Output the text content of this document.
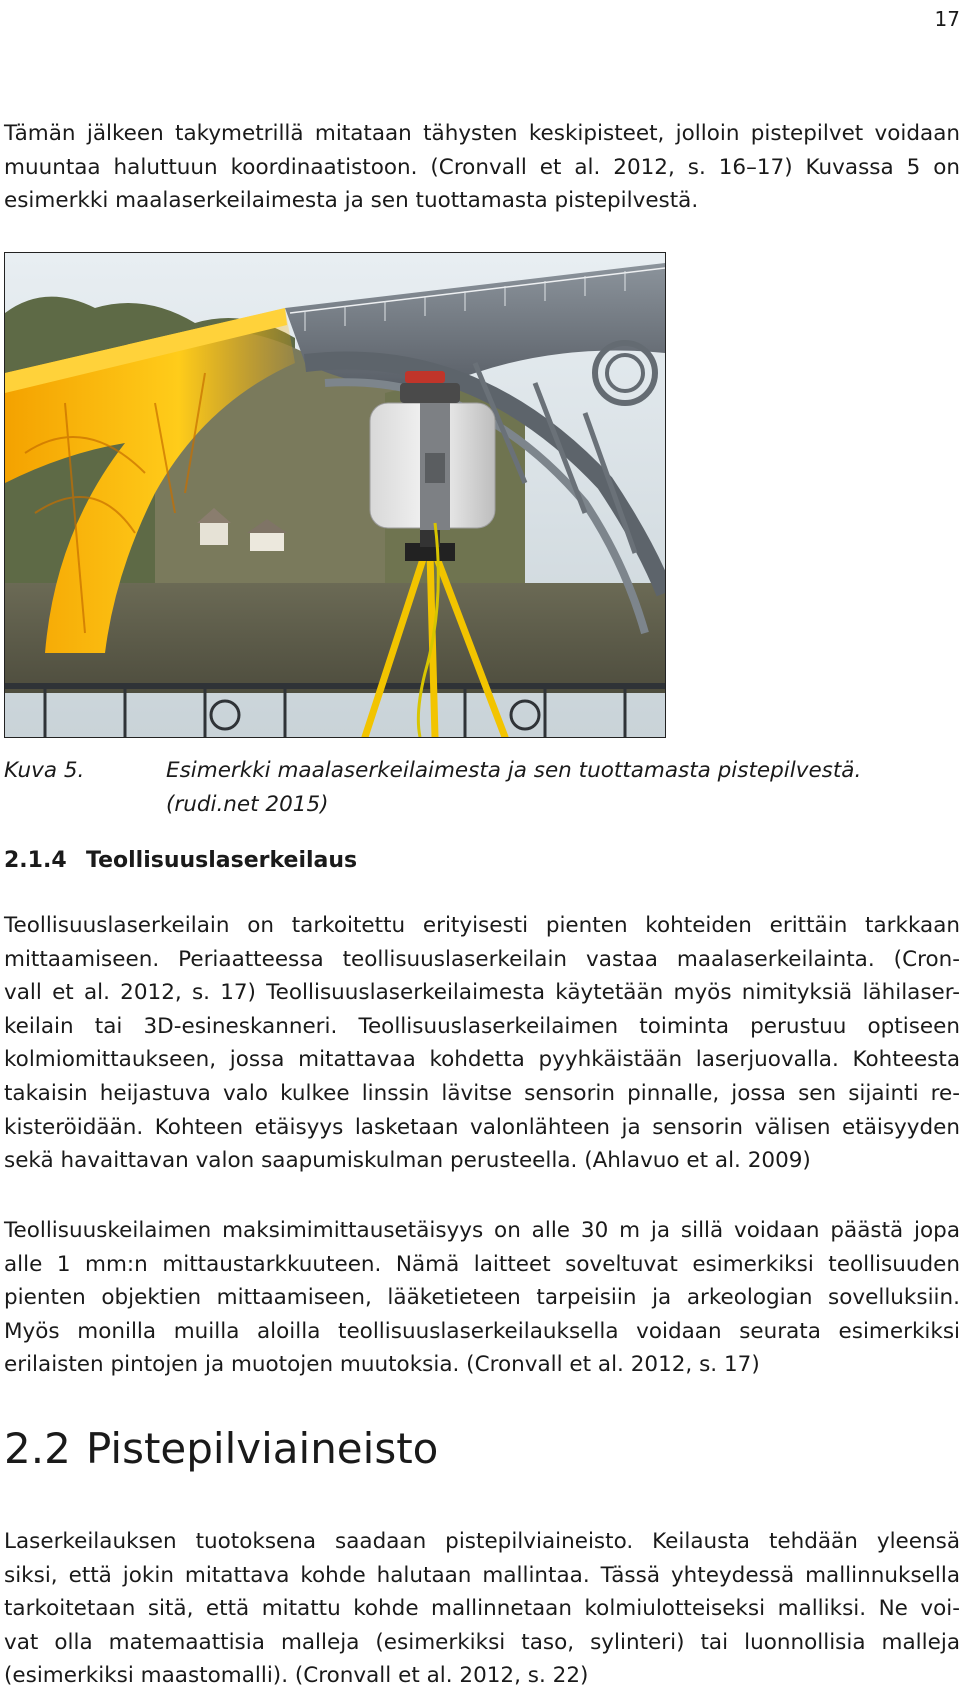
17
Tämän jälkeen takymetrillä mitataan tähysten keskipisteet, jolloin pistepilvet voidaan
muuntaa haluttuun koordinaatistoon. (Cronvall et al. 2012, s. 16–17) Kuvassa 5 on
esimerkki maalaserkeilaimesta ja sen tuottamasta pistepilvestä.
Kuva 5.	Esimerkki maalaserkeilaimesta ja sen tuottamasta pistepilvestä.
(rudi.net 2015)
2.1.4 Teollisuuslaserkeilaus
Teollisuuslaserkeilain on tarkoitettu erityisesti pienten kohteiden erittäin tarkkaan
mittaamiseen. Periaatteessa teollisuuslaserkeilain vastaa maalaserkeilainta. (Cron-
vall et al. 2012, s. 17) Teollisuuslaserkeilaimesta käytetään myös nimityksiä lähilaser-
keilain tai 3D-esineskanneri. Teollisuuslaserkeilaimen toiminta perustuu optiseen
kolmiomittaukseen, jossa mitattavaa kohdetta pyyhkäistään laserjuovalla. Kohteesta
takaisin heijastuva valo kulkee linssin lävitse sensorin pinnalle, jossa sen sijainti re-
kisteröidään. Kohteen etäisyys lasketaan valonlähteen ja sensorin välisen etäisyyden
sekä havaittavan valon saapumiskulman perusteella. (Ahlavuo et al. 2009)
Teollisuuskeilaimen maksimimittausetäisyys on alle 30 m ja sillä voidaan päästä jopa
alle 1 mm:n mittaustarkkuuteen. Nämä laitteet soveltuvat esimerkiksi teollisuuden
pienten objektien mittaamiseen, lääketieteen tarpeisiin ja arkeologian sovelluksiin.
Myös monilla muilla aloilla teollisuuslaserkeilauksella voidaan seurata esimerkiksi
erilaisten pintojen ja muotojen muutoksia. (Cronvall et al. 2012, s. 17)
2.2 Pistepilviaineisto
Laserkeilauksen tuotoksena saadaan pistepilviaineisto. Keilausta tehdään yleensä
siksi, että jokin mitattava kohde halutaan mallintaa. Tässä yhteydessä mallinnuksella
tarkoitetaan sitä, että mitattu kohde mallinnetaan kolmiulotteiseksi malliksi. Ne voi-
vat olla matemaattisia malleja (esimerkiksi taso, sylinteri) tai luonnollisia malleja
(esimerkiksi maastomalli). (Cronvall et al. 2012, s. 22)
